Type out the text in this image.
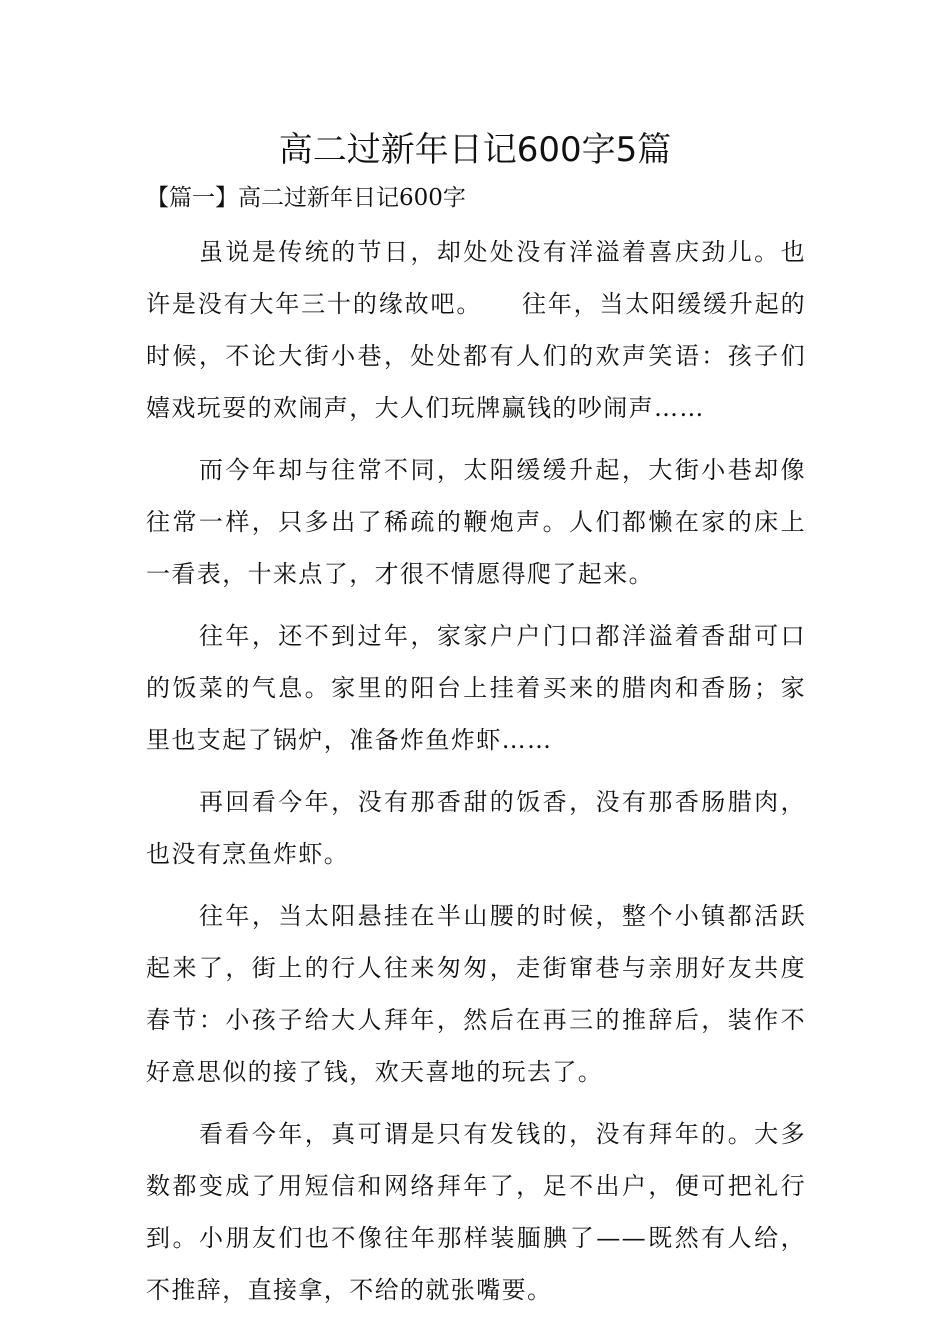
高二过新年日记600字5篇

【篇一】高二过新年日记600字

虽说是传统的节日，却处处没有洋溢着喜庆劲儿。也许是没有大年三十的缘故吧。　　往年，当太阳缓缓升起的时候，不论大街小巷，处处都有人们的欢声笑语：孩子们嬉戏玩耍的欢闹声，大人们玩牌赢钱的吵闹声……

而今年却与往常不同，太阳缓缓升起，大街小巷却像往常一样，只多出了稀疏的鞭炮声。人们都懒在家的床上一看表，十来点了，才很不情愿得爬了起来。

往年，还不到过年，家家户户门口都洋溢着香甜可口的饭菜的气息。家里的阳台上挂着买来的腊肉和香肠；家里也支起了锅炉，准备炸鱼炸虾……

再回看今年，没有那香甜的饭香，没有那香肠腊肉，也没有烹鱼炸虾。

往年，当太阳悬挂在半山腰的时候，整个小镇都活跃起来了，街上的行人往来匆匆，走街窜巷与亲朋好友共度春节：小孩子给大人拜年，然后在再三的推辞后，装作不好意思似的接了钱，欢天喜地的玩去了。

看看今年，真可谓是只有发钱的，没有拜年的。大多数都变成了用短信和网络拜年了，足不出户，便可把礼行到。小朋友们也不像往年那样装腼腆了——既然有人给，不推辞，直接拿，不给的就张嘴要。
